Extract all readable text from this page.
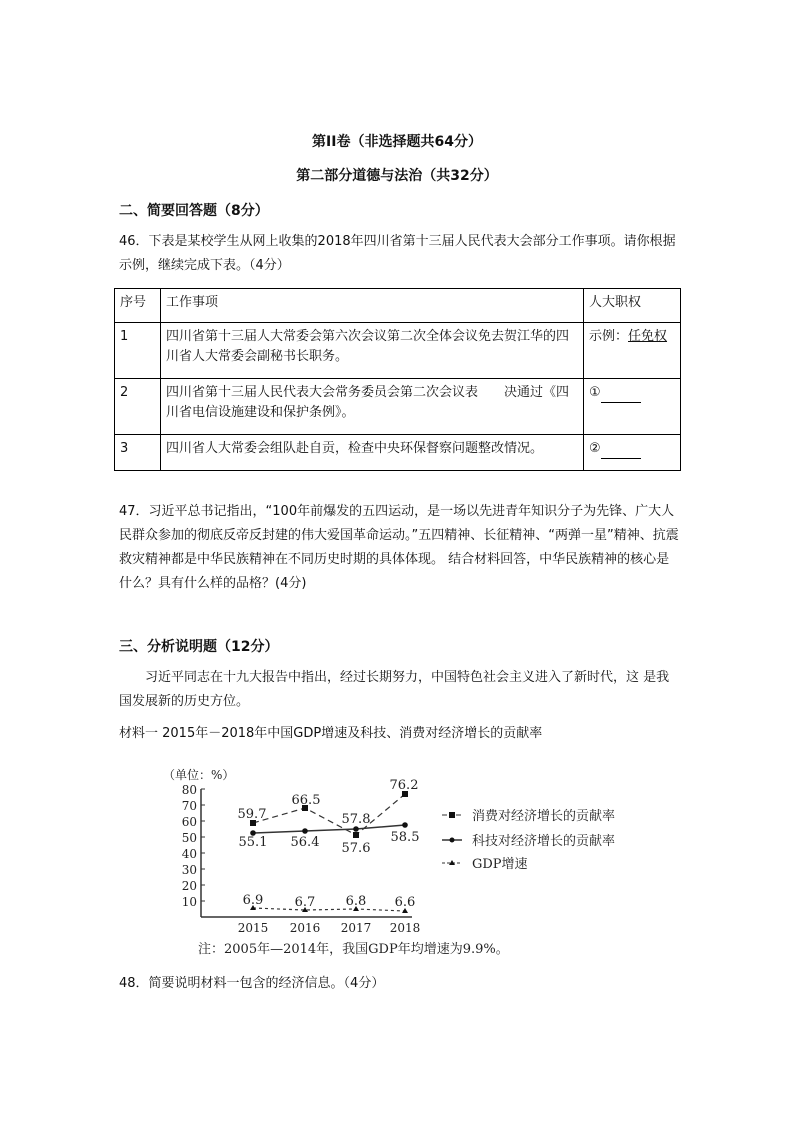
第II卷（非选择题共64分）
第二部分道德与法治（共32分）
二、简要回答题（8分）
46．下表是某校学生从网上收集的2018年四川省第十三届人民代表大会部分工作事项。请你根据示例，继续完成下表。（4分）
序号	工作事项	人大职权
1	四川省第十三届人大常委会第六次会议第二次全体会议免去贺江华的四川省人大常委会副秘书长职务。	示例：任免权
2	四川省第十三届人民代表大会常务委员会第二次会议表　　决通过《四川省电信设施建设和保护条例》。	①
3	四川省人大常委会组队赴自贡，检查中央环保督察问题整改情况。	②
47．习近平总书记指出，“100年前爆发的五四运动，是一场以先进青年知识分子为先锋、广大人民群众参加的彻底反帝反封建的伟大爱国革命运动。”五四精神、长征精神、“两弹一星”精神、抗震救灾精神都是中华民族精神在不同历史时期的具体体现。 结合材料回答，中华民族精神的核心是什么？具有什么样的品格？(4分)
三、分析说明题（12分）
习近平同志在十九大报告中指出，经过长期努力，中国特色社会主义进入了新时代，这 是我国发展新的历史方位。
材料一 2015年－2018年中国GDP增速及科技、消费对经济增长的贡献率
（单位：%）
80
70
60
50
40
30
20
10
2015 2016 2017 2018
59.7
66.5
57.6
76.2
55.1 56.4
57.8
58.5
6.9 6.7 6.8 6.6
消费对经济增长的贡献率
科技对经济增长的贡献率
GDP增速
注：2005年—2014年，我国GDP年均增速为9.9%。
48．简要说明材料一包含的经济信息。（4分）
